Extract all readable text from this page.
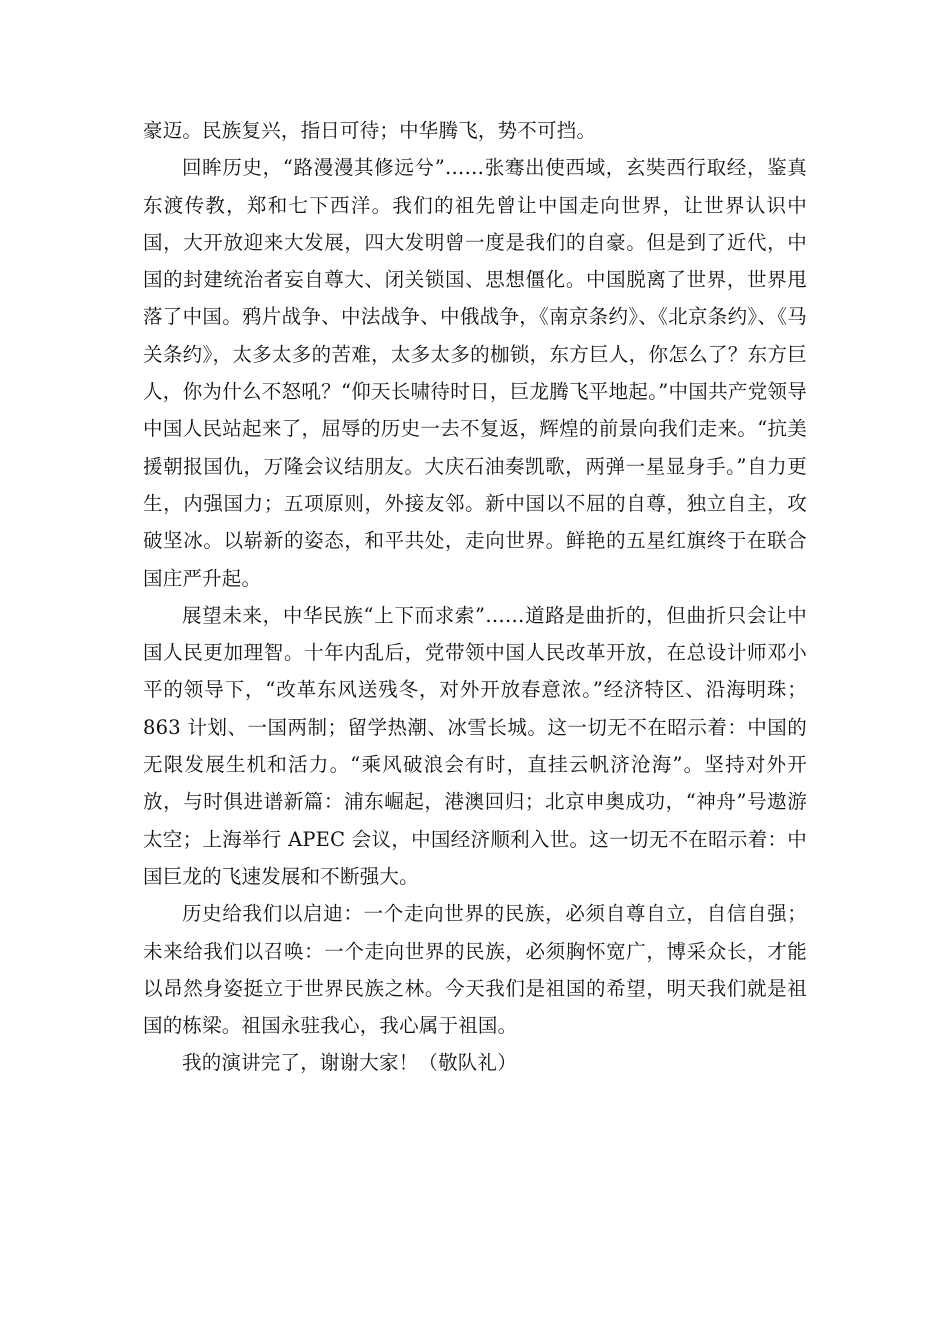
豪迈。民族复兴，指日可待；中华腾飞，势不可挡。

回眸历史，“路漫漫其修远兮”……张骞出使西域，玄奘西行取经，鉴真东渡传教，郑和七下西洋。我们的祖先曾让中国走向世界，让世界认识中国，大开放迎来大发展，四大发明曾一度是我们的自豪。但是到了近代，中国的封建统治者妄自尊大、闭关锁国、思想僵化。中国脱离了世界，世界甩落了中国。鸦片战争、中法战争、中俄战争，《南京条约》、《北京条约》、《马关条约》，太多太多的苦难，太多太多的枷锁，东方巨人，你怎么了？东方巨人，你为什么不怒吼？“仰天长啸待时日，巨龙腾飞平地起。”中国共产党领导中国人民站起来了，屈辱的历史一去不复返，辉煌的前景向我们走来。“抗美援朝报国仇，万隆会议结朋友。大庆石油奏凯歌，两弹一星显身手。”自力更生，内强国力；五项原则，外接友邻。新中国以不屈的自尊，独立自主，攻破坚冰。以崭新的姿态，和平共处，走向世界。鲜艳的五星红旗终于在联合国庄严升起。

展望未来，中华民族“上下而求索”……道路是曲折的，但曲折只会让中国人民更加理智。十年内乱后，党带领中国人民改革开放，在总设计师邓小平的领导下，“改革东风送残冬，对外开放春意浓。”经济特区、沿海明珠；863 计划、一国两制；留学热潮、冰雪长城。这一切无不在昭示着：中国的无限发展生机和活力。“乘风破浪会有时，直挂云帆济沧海”。坚持对外开放，与时俱进谱新篇：浦东崛起，港澳回归；北京申奥成功，“神舟”号遨游太空；上海举行 APEC 会议，中国经济顺利入世。这一切无不在昭示着：中国巨龙的飞速发展和不断强大。

历史给我们以启迪：一个走向世界的民族，必须自尊自立，自信自强；未来给我们以召唤：一个走向世界的民族，必须胸怀宽广，博采众长，才能以昂然身姿挺立于世界民族之林。今天我们是祖国的希望，明天我们就是祖国的栋梁。祖国永驻我心，我心属于祖国。

我的演讲完了，谢谢大家！（敬队礼）
